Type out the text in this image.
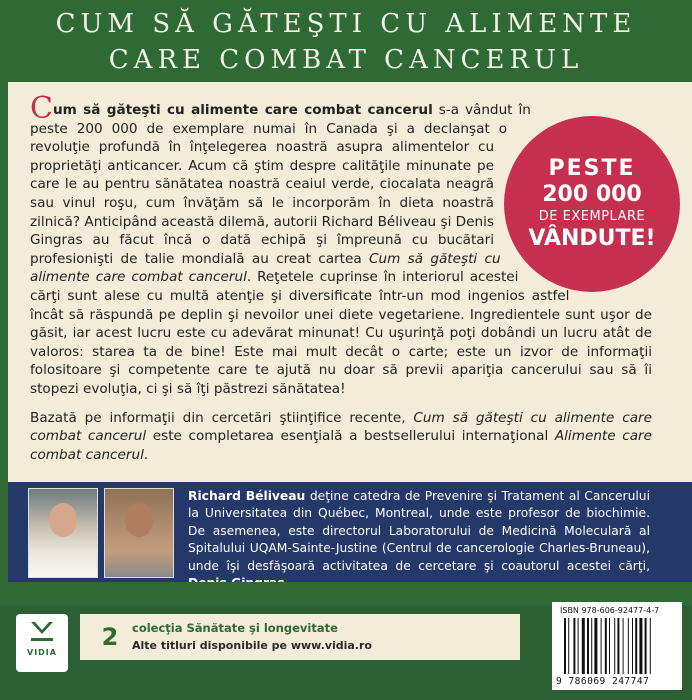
CUM SĂ GĂTEŞTI CU ALIMENTE
CARE COMBAT CANCERUL
PESTE
200 000
DE EXEMPLARE
VÂNDUTE!

Cum să găteşti cu alimente care combat cancerul s-a vândut în peste 200 000 de exemplare numai în Canada şi a declanşat o revoluţie profundă în înţelegerea noastră asupra alimentelor cu proprietăţi anticancer. Acum că ştim despre calităţile minunate pe care le au pentru sănătatea noastră ceaiul verde, ciocalata neagră sau vinul roşu, cum învăţăm să le incorporăm în dieta noastră zilnică? Anticipând această dilemă, autorii Richard Béliveau şi Denis Gingras au făcut încă o dată echipă şi împreună cu bucătari profesionişti de talie mondială au creat cartea Cum să găteşti cu alimente care combat cancerul. Reţetele cuprinse în interiorul acestei cărţi sunt alese cu multă atenţie şi diversificate într-un mod ingenios astfel încât să răspundă pe deplin şi nevoilor unei diete vegetariene. Ingredientele sunt uşor de găsit, iar acest lucru este cu adevărat minunat! Cu uşurinţă poţi dobândi un lucru atât de valoros: starea ta de bine! Este mai mult decât o carte; este un izvor de informaţii folositoare şi competente care te ajută nu doar să previi apariţia cancerului sau să îi stopezi evoluţia, ci şi să îţi păstrezi sănătatea!

Bazată pe informaţii din cercetări ştiinţifice recente, Cum să găteşti cu alimente care combat cancerul este completarea esenţială a bestsellerului internaţional Alimente care combat cancerul.

Richard Béliveau deţine catedra de Prevenire şi Tratament al Cancerului la Universitatea din Québec, Montreal, unde este profesor de biochimie. De asemenea, este directorul Laboratorului de Medicină Moleculară al Spitalului UQAM-Sainte-Justine (Centrul de cancerologie Charles-Bruneau), unde îşi desfăşoară activitatea de cercetare şi coautorul acestei cărţi,
VIDIA
2	colecţia Sănătate şi longevitate
Alte titluri disponibile pe www.vidia.ro
ISBN 978-606-92477-4-7
9 786069 247747
